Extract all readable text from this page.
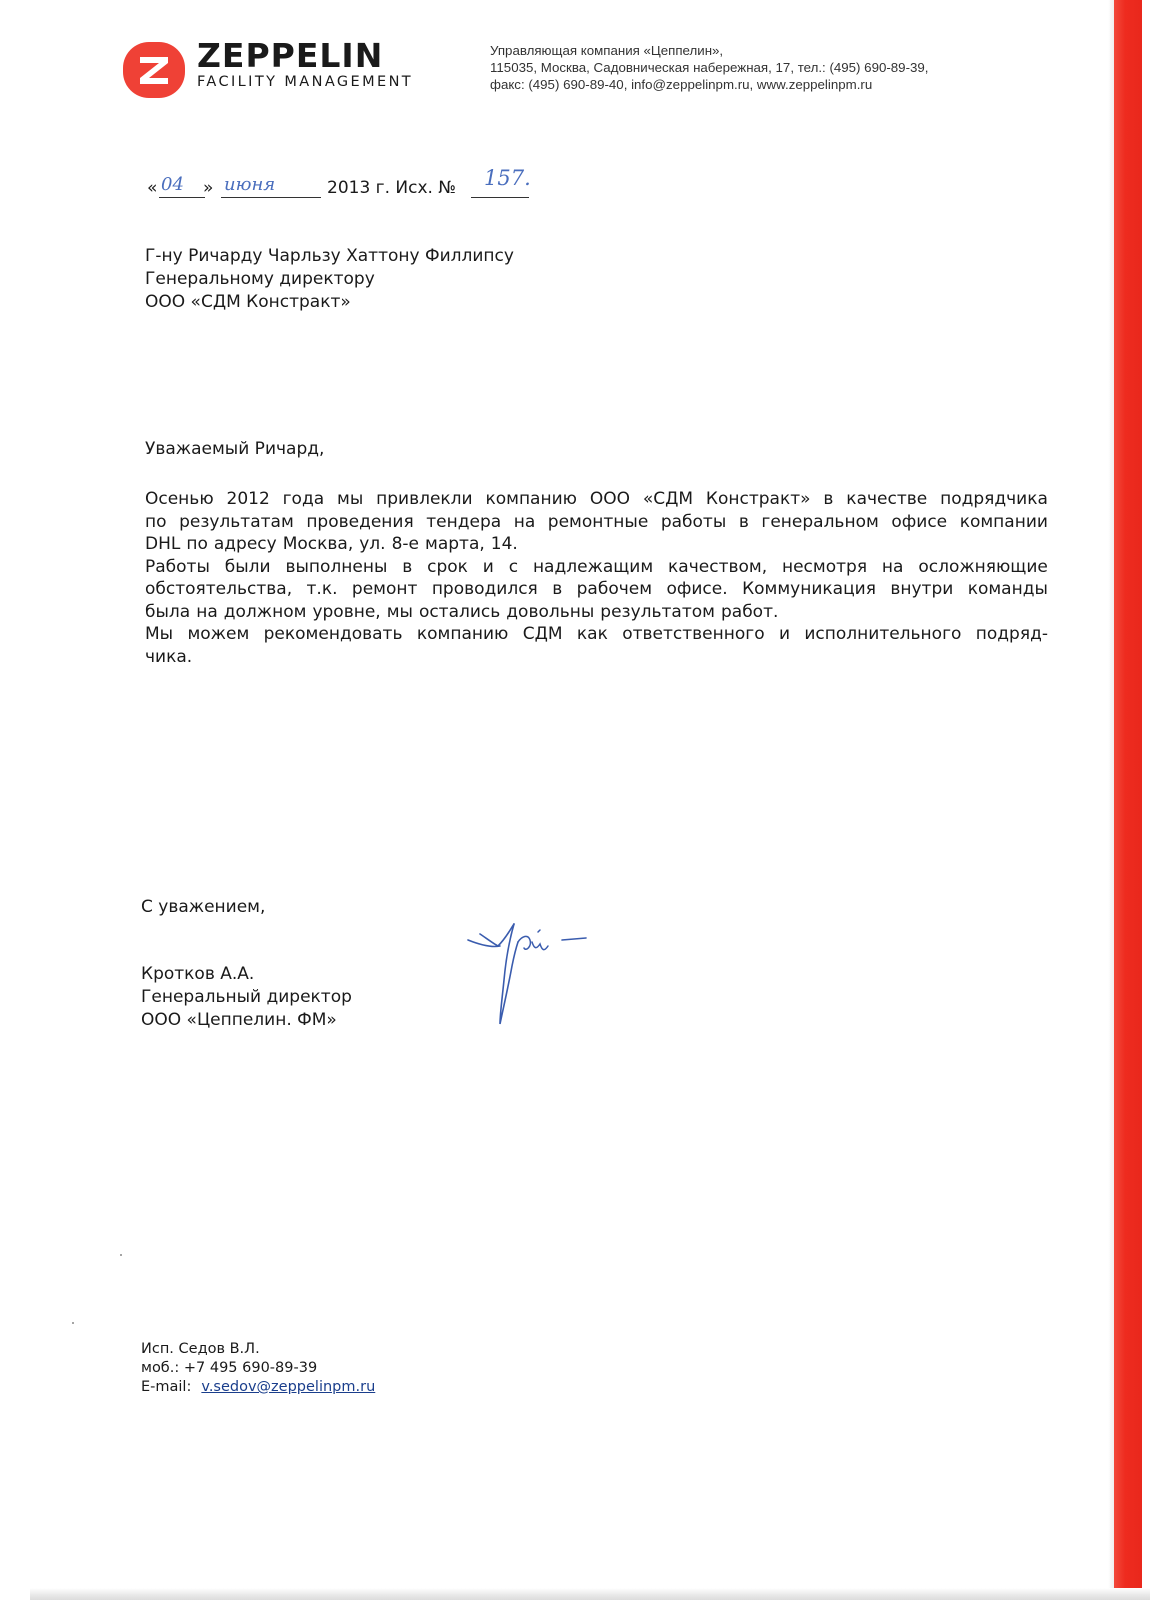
ZEPPELIN
FACILITY MANAGEMENT
Управляющая компания «Цеппелин»,
115035, Москва, Садовническая набережная, 17, тел.: (495) 690-89-39,
факс: (495) 690-89-40, info@zeppelinpm.ru, www.zeppelinpm.ru
« 04 » июня	2013 г. Исх. № 157.
Г-ну Ричарду Чарльзу Хаттону Филлипсу
Генеральному директору
ООО «СДМ Констракт»
Уважаемый Ричард,
Осенью 2012 года мы привлекли компанию ООО «СДМ Констракт» в качестве подрядчика
по результатам проведения тендера на ремонтные работы в генеральном офисе компании
DHL по адресу Москва, ул. 8-е марта, 14.
Работы были выполнены в срок и с надлежащим качеством, несмотря на осложняющие
обстоятельства, т.к. ремонт проводился в рабочем офисе. Коммуникация внутри команды
была на должном уровне, мы остались довольны результатом работ.
Мы можем рекомендовать компанию СДМ как ответственного и исполнительного подряд-
чика.
С уважением,
Кротков А.А.
Генеральный директор
ООО «Цеппелин. ФМ»
Исп. Седов В.Л.
моб.: +7 495 690-89-39
E-mail: v.sedov@zeppelinpm.ru
